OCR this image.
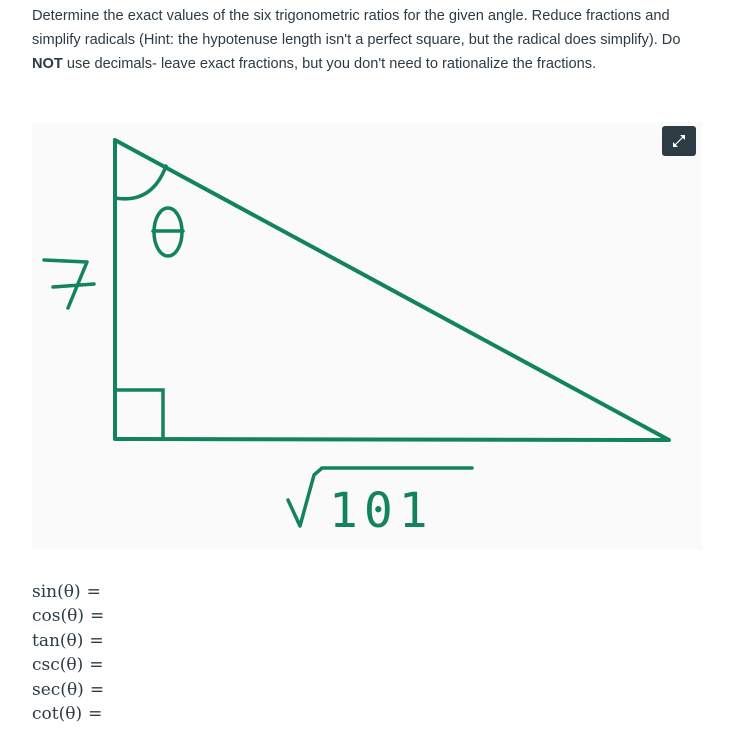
Determine the exact values of the six trigonometric ratios for the given angle. Reduce fractions and simplify radicals (Hint: the hypotenuse length isn't a perfect square, but the radical does simplify). Do NOT use decimals- leave exact fractions, but you don't need to rationalize the fractions.
101
sin(θ) =
cos(θ) =
tan(θ) =
csc(θ) =
sec(θ) =
cot(θ) =
